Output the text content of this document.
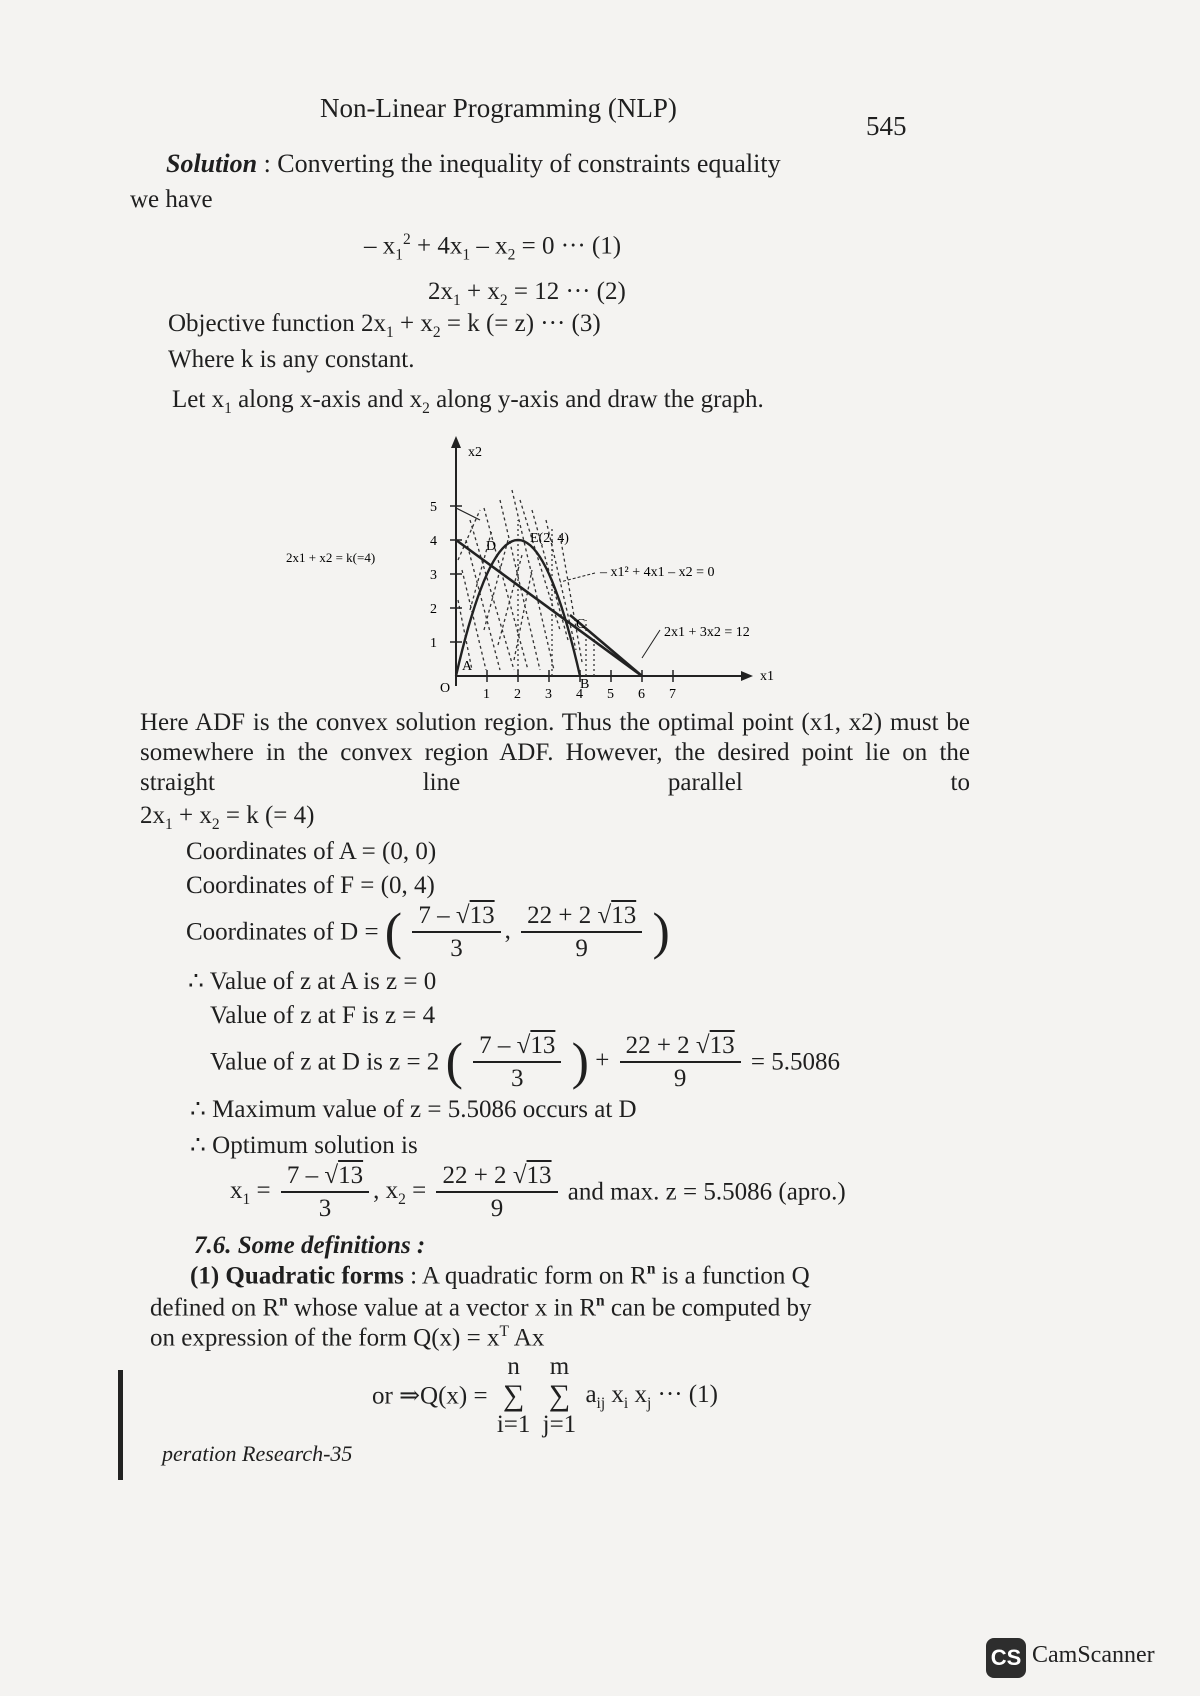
Non-Linear Programming (NLP)
545
Solution : Converting the inequality of constraints equality
we have
– $x_1^2 + 4x_1 - x_2 = 0$ ··· (1)
$2x_1 + x_2 = 12$ ··· (2)
Objective function $2x_1 + x_2 = k$ (= z) ··· (3)
Where k is any constant.
Let $x_1$ along x-axis and $x_2$ along y-axis and draw the graph.
x2
x1
1 2 3 4 5 6 7
1
2
3
4
5
E(2, 4)
D
C
B
A
O
2x1 + x2 = k(=4)
– x1² + 4x1 – x2 = 0
2x1 + 3x2 = 12
Here ADF is the convex solution region. Thus the optimal point (x1, x2) must be somewhere in the convex region ADF. However, the desired point lie on the straight line parallel to
$2x_1 + x_2 = k$ (= 4)
Coordinates of A = (0, 0)
Coordinates of F = (0, 4)
Coordinates of D = ( $\frac{7 - √13}{3}$ , $\frac{22 + 2 √13}{9}$ )
∴ Value of z at A is z = 0
Value of z at F is z = 4
Value of z at D is z = 2 ( $\frac{7 - √13}{3}$ ) + $\frac{22 + 2 √13}{9} = 5.5086$
∴ Maximum value of z = 5.5086 occurs at D
∴ Optimum solution is
$x_1 = \frac{7 - √13}{3}$ , $x_2 = \frac{22 + 2 √13}{9}$ and max. z = 5.5086 (apro.)
7.6. Some definitions :
(1) Quadratic forms : A quadratic form on $R^n$ is a function Q
defined on $R^n$ whose value at a vector x in $R^n$ can be computed by
on expression of the form $Q(x) = x^T$ Ax
or ⇒Q(x) =
n
∑
i=1

m
∑
j=1
$a_{ij}$ $x_i$ $x_j$ ··· (1)
peration Research-35
CS CamScanner
